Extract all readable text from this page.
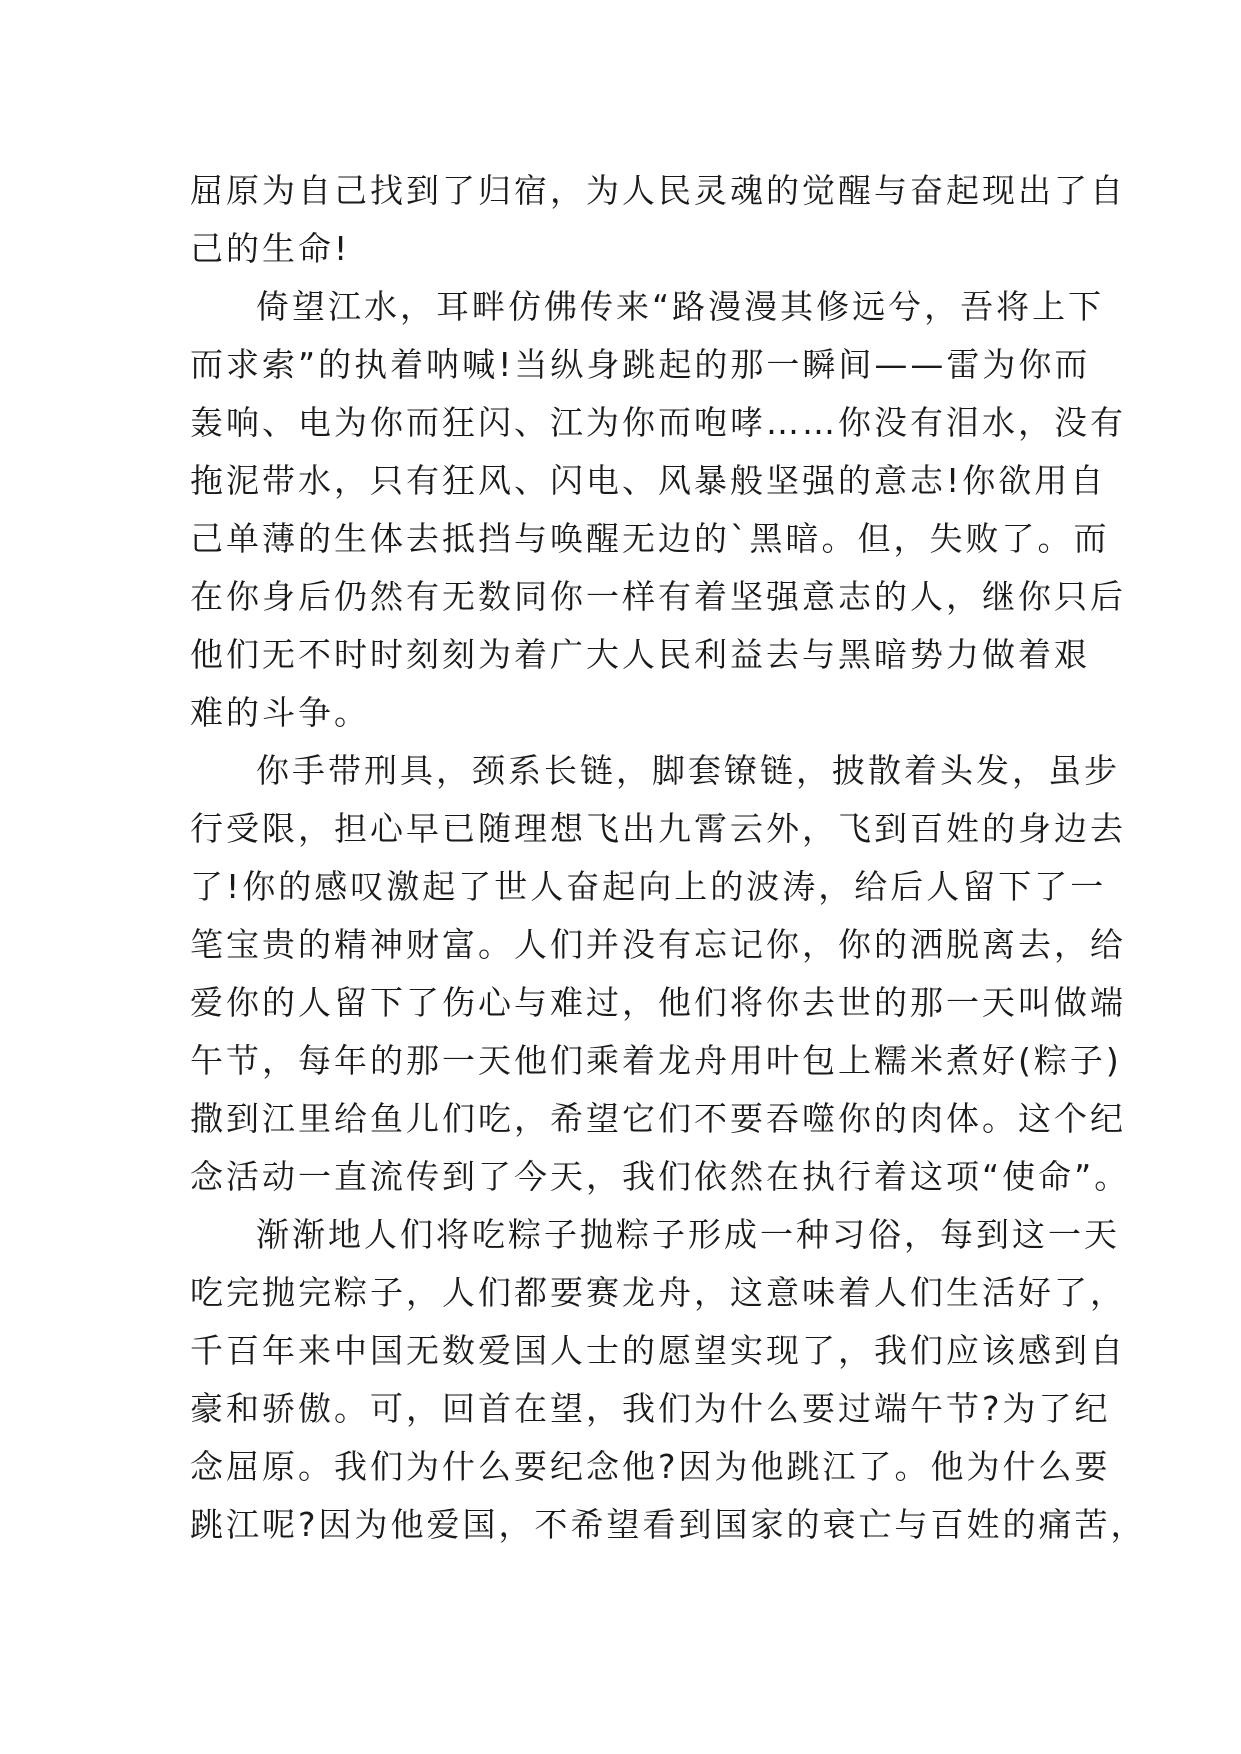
屈原为自己找到了归宿，为人民灵魂的觉醒与奋起现出了自
己的生命!
倚望江水，耳畔仿佛传来“路漫漫其修远兮，吾将上下
而求索”的执着呐喊!当纵身跳起的那一瞬间——雷为你而
轰响、电为你而狂闪、江为你而咆哮……你没有泪水，没有
拖泥带水，只有狂风、闪电、风暴般坚强的意志!你欲用自
己单薄的生体去抵挡与唤醒无边的`黑暗。但，失败了。而
在你身后仍然有无数同你一样有着坚强意志的人，继你只后
他们无不时时刻刻为着广大人民利益去与黑暗势力做着艰
难的斗争。
你手带刑具，颈系长链，脚套镣链，披散着头发，虽步
行受限，担心早已随理想飞出九霄云外，飞到百姓的身边去
了!你的感叹激起了世人奋起向上的波涛，给后人留下了一
笔宝贵的精神财富。人们并没有忘记你，你的洒脱离去，给
爱你的人留下了伤心与难过，他们将你去世的那一天叫做端
午节，每年的那一天他们乘着龙舟用叶包上糯米煮好(粽子)
撒到江里给鱼儿们吃，希望它们不要吞噬你的肉体。这个纪
念活动一直流传到了今天，我们依然在执行着这项“使命”。
渐渐地人们将吃粽子抛粽子形成一种习俗，每到这一天
吃完抛完粽子，人们都要赛龙舟，这意味着人们生活好了，
千百年来中国无数爱国人士的愿望实现了，我们应该感到自
豪和骄傲。可，回首在望，我们为什么要过端午节?为了纪
念屈原。我们为什么要纪念他?因为他跳江了。他为什么要
跳江呢?因为他爱国，不希望看到国家的衰亡与百姓的痛苦，
